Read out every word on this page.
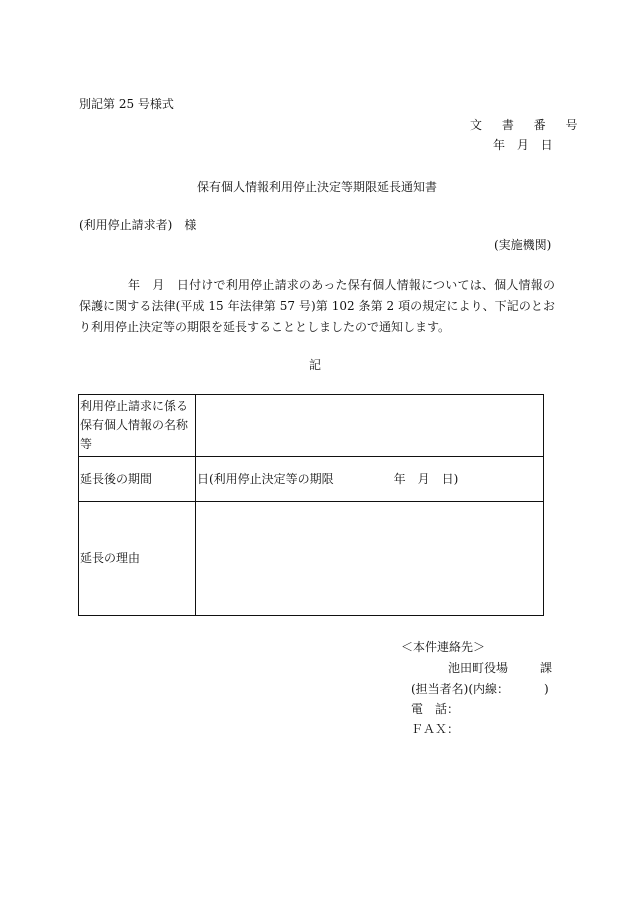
別記第 25 号様式
文 書 番 号
年 月 日
保有個人情報利用停止決定等期限延長通知書
(利用停止請求者)　様
(実施機関)
年　月　日付けで利用停止請求のあった保有個人情報については、個人情報の保護に関する法律(平成 15 年法律第 57 号)第 102 条第 2 項の規定により、下記のとおり利用停止決定等の期限を延長することとしましたので通知します。
記
利用停止請求に係る保有個人情報の名称等	
延長後の期間	日(利用停止決定等の期限　　　　　年　月　日)
延長の理由	
＜本件連絡先＞
池田町役場	課
(担当者名)(内線：	)
電　話：
ＦＡＸ：
